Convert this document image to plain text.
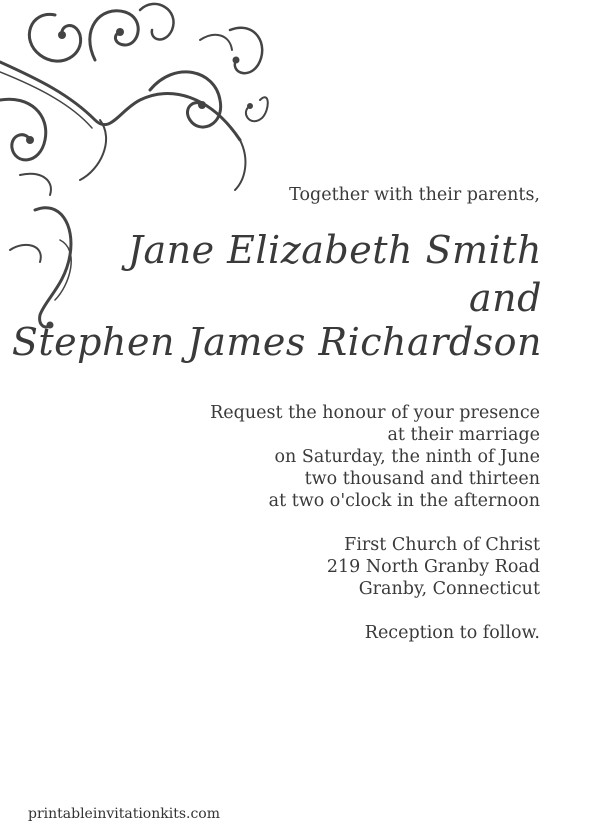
Together with their parents,
Jane Elizabeth Smith
and
Stephen James Richardson
Request the honour of your presence
at their marriage
on Saturday, the ninth of June
two thousand and thirteen
at two o'clock in the afternoon
First Church of Christ
219 North Granby Road
Granby, Connecticut
Reception to follow.
printableinvitationkits.com
